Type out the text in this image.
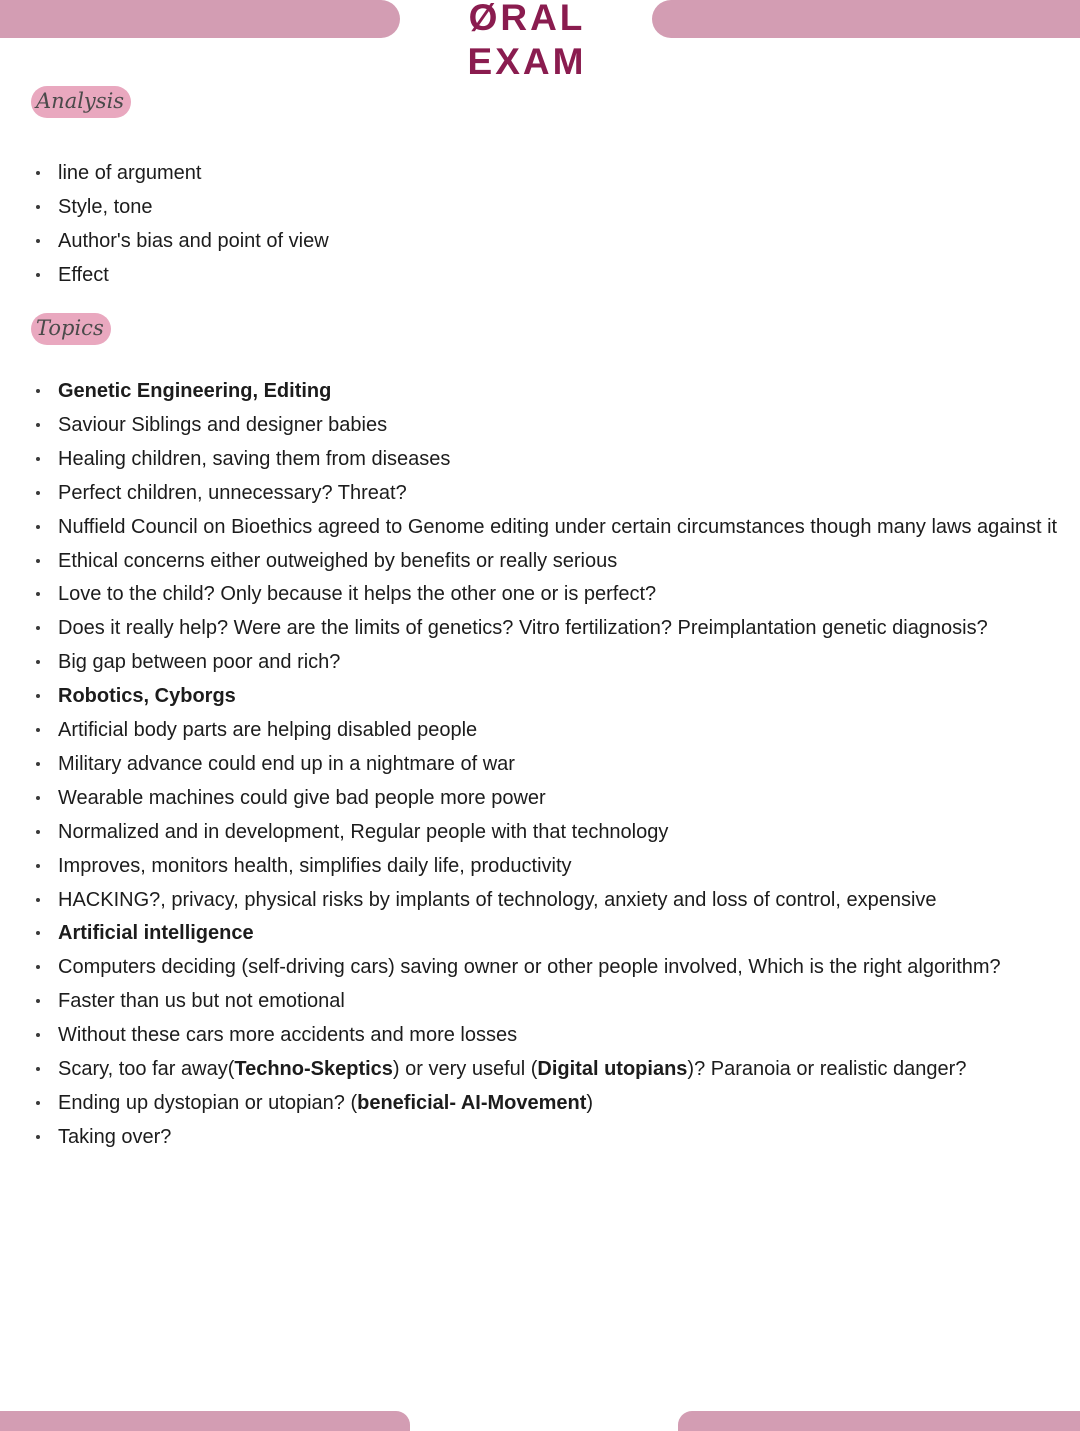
ØRAL EXAM
Analysis
line of argument
Style, tone
Author's bias and point of view
Effect
Topics
Genetic Engineering, Editing
Saviour Siblings and designer babies
Healing children, saving them from diseases
Perfect children, unnecessary? Threat?
Nuffield Council on Bioethics agreed to Genome editing under certain circumstances though many laws against it
Ethical concerns either outweighed by benefits or really serious
Love to the child? Only because it helps the other one or is perfect?
Does it really help? Were are the limits of genetics? Vitro fertilization? Preimplantation genetic diagnosis?
Big gap between poor and rich?
Robotics, Cyborgs
Artificial body parts are helping disabled people
Military advance could end up in a nightmare of war
Wearable machines could give bad people more power
Normalized and in development, Regular people with that technology
Improves, monitors health, simplifies daily life, productivity
HACKING?, privacy, physical risks by implants of technology, anxiety and loss of control, expensive
Artificial intelligence
Computers deciding (self-driving cars) saving owner or other people involved, Which is the right algorithm?
Faster than us but not emotional
Without these cars more accidents and more losses
Scary, too far away(Techno-Skeptics) or very useful (Digital utopians)? Paranoia or realistic danger?
Ending up dystopian or utopian? (beneficial- AI-Movement)
Taking over?
